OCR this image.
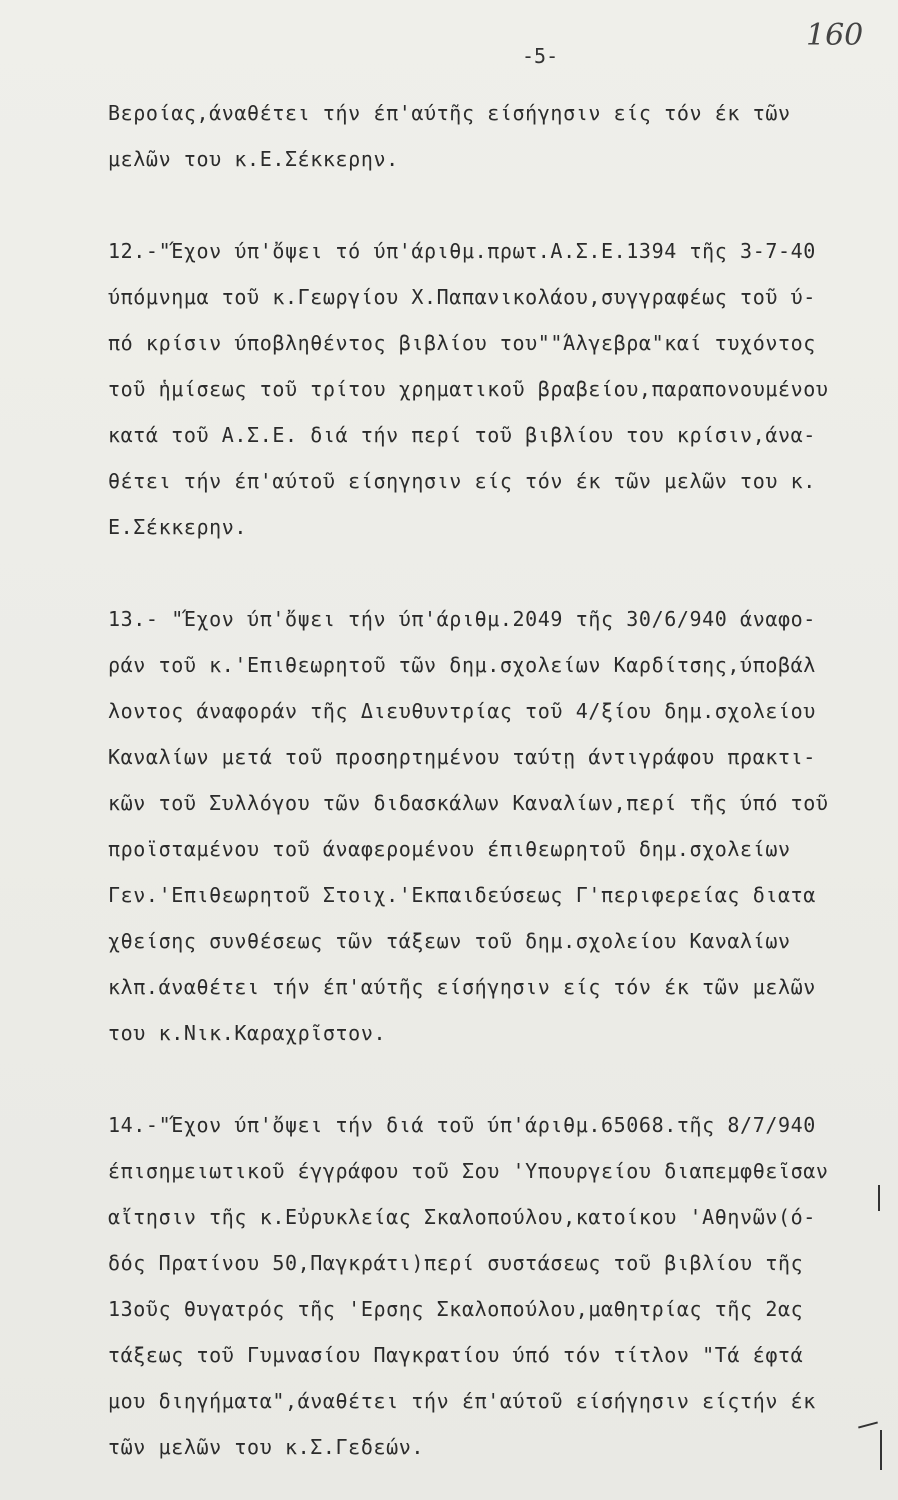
-5-
160
Βεροίας,άναθέτει τήν έπ'αύτῆς είσήγησιν είς τόν έκ τῶν
μελῶν του κ.Ε.Σέκκερην.
12.-"Έχον ύπ'ὄψει τό ύπ'άριθμ.πρωτ.Α.Σ.Ε.1394 τῆς 3-7-40
ύπόμνημα τοῦ κ.Γεωργίου Χ.Παπανικολάου,συγγραφέως τοῦ ύ-
πό κρίσιν ύποβληθέντος βιβλίου του""Άλγεβρα"καί τυχόντος
τοῦ ἡμίσεως τοῦ τρίτου χρηματικοῦ βραβείου,παραπονουμένου
κατά τοῦ Α.Σ.Ε. διά τήν περί τοῦ βιβλίου του κρίσιν,άνα-
θέτει τήν έπ'αύτοῦ είσηγησιν είς τόν έκ τῶν μελῶν του κ.
Ε.Σέκκερην.
13.- "Έχον ύπ'ὄψει τήν ύπ'άριθμ.2049 τῆς 30/6/940 άναφο-
ράν τοῦ κ.'Επιθεωρητοῦ τῶν δημ.σχολείων Καρδίτσης,ύποβάλ
λοντος άναφοράν τῆς Διευθυντρίας τοῦ 4/ξίου δημ.σχολείου
Καναλίων μετά τοῦ προσηρτημένου ταύτῃ άντιγράφου πρακτι-
κῶν τοῦ Συλλόγου τῶν διδασκάλων Καναλίων,περί τῆς ύπό τοῦ
προϊσταμένου τοῦ άναφερομένου έπιθεωρητοῦ δημ.σχολείων
Γεν.'Επιθεωρητοῦ Στοιχ.'Εκπαιδεύσεως Γ'περιφερείας διατα
χθείσης συνθέσεως τῶν τάξεων τοῦ δημ.σχολείου Καναλίων
κλπ.άναθέτει τήν έπ'αύτῆς είσήγησιν είς τόν έκ τῶν μελῶν
του κ.Νικ.Καραχρῖστον.
14.-"Έχον ύπ'ὄψει τήν διά τοῦ ύπ'άριθμ.65068.τῆς 8/7/940
έπισημειωτικοῦ έγγράφου τοῦ Σου 'Υπουργείου διαπεμφθεῖσαν
αἴτησιν τῆς κ.Εὐρυκλείας Σκαλοπούλου,κατοίκου 'Αθηνῶν(ό-
δός Πρατίνου 50,Παγκράτι)περί συστάσεως τοῦ βιβλίου τῆς
13οῦς θυγατρός τῆς 'Ερσης Σκαλοπούλου,μαθητρίας τῆς 2ας
τάξεως τοῦ Γυμνασίου Παγκρατίου ύπό τόν τίτλον "Τά έφτά
μου διηγήματα",άναθέτει τήν έπ'αύτοῦ είσήγησιν είςτήν έκ
τῶν μελῶν του κ.Σ.Γεδεών.
